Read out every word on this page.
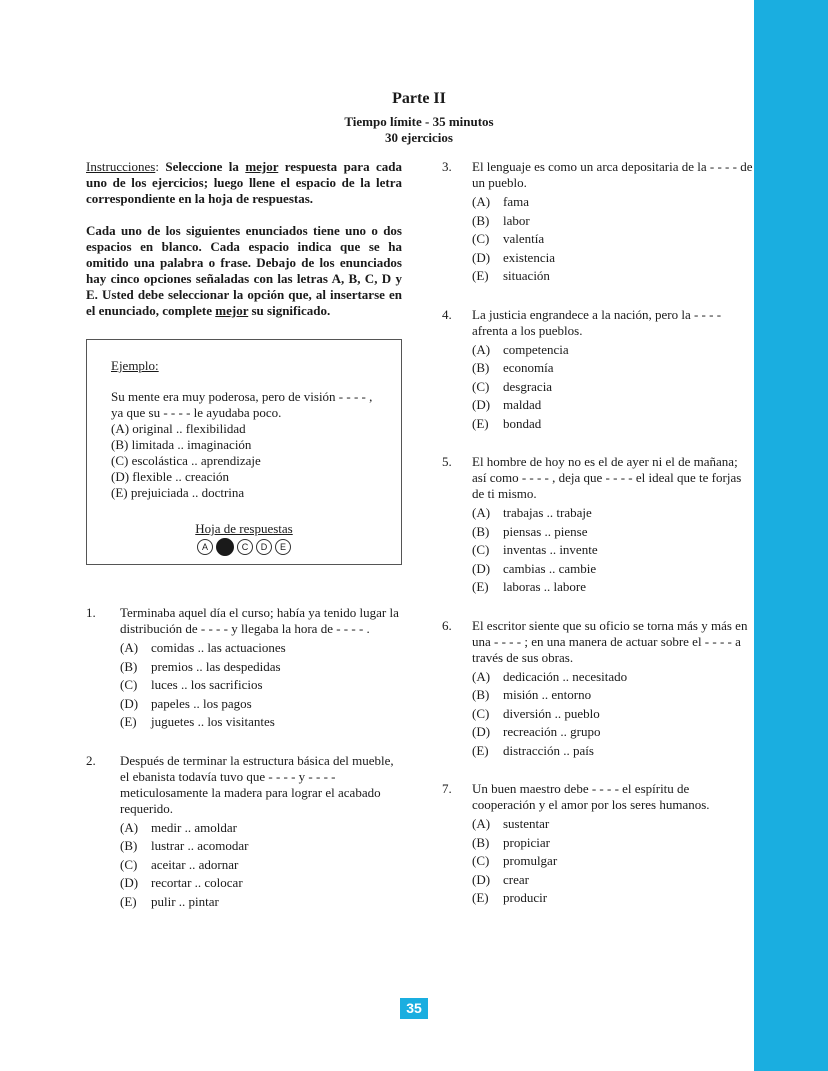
Parte II
Tiempo límite - 35 minutos
30 ejercicios

Instrucciones: Seleccione la mejor respuesta para cada uno de los ejercicios; luego llene el espacio de la letra correspondiente en la hoja de respuestas.

Cada uno de los siguientes enunciados tiene uno o dos espacios en blanco. Cada espacio indica que se ha omitido una palabra o frase. Debajo de los enunciados hay cinco opciones señaladas con las letras A, B, C, D y E. Usted debe seleccionar la opción que, al insertarse en el enunciado, complete mejor su significado.

Ejemplo:
Su mente era muy poderosa, pero de visión - - - - , ya que su - - - - le ayudaba poco.
(A) original .. flexibilidad
(B) limitada .. imaginación
(C) escolástica .. aprendizaje
(D) flexible .. creación
(E) prejuiciada .. doctrina
Hoja de respuestas
A	C	D	E
1. Terminaba aquel día el curso; había ya tenido lugar la distribución de - - - - y llegaba la hora de - - - - .
(A) comidas .. las actuaciones
(B)	premios .. las despedidas
(C)	luces .. los sacrificios
(D) papeles .. los pagos
(E)	juguetes .. los visitantes
2. Después de terminar la estructura básica del mueble, el ebanista todavía tuvo que - - - - y - - - - meticulosamente la madera para lograr el acabado requerido.
(A) medir .. amoldar
(B)	lustrar .. acomodar
(C)	aceitar .. adornar
(D) recortar .. colocar
(E)	pulir .. pintar
3. El lenguaje es como un arca depositaria de la - - - - de un pueblo.
(A) fama
(B)	labor
(C)	valentía
(D) existencia
(E)	situación
4. La justicia engrandece a la nación, pero la - - - - afrenta a los pueblos.
(A) competencia
(B)	economía
(C)	desgracia
(D) maldad
(E)	bondad
5. El hombre de hoy no es el de ayer ni el de mañana; así como - - - - , deja que - - - - el ideal que te forjas de ti mismo.
(A) trabajas .. trabaje
(B)	piensas .. piense
(C)	inventas .. invente
(D) cambias .. cambie
(E)	laboras .. labore
6. El escritor siente que su oficio se torna más y más en una - - - - ; en una manera de actuar sobre el - - - - a través de sus obras.
(A) dedicación .. necesitado
(B)	misión .. entorno
(C)	diversión .. pueblo
(D) recreación .. grupo
(E)	distracción .. país
7. Un buen maestro debe - - - - el espíritu de cooperación y el amor por los seres humanos.
(A) sustentar
(B)	propiciar
(C)	promulgar
(D) crear
(E)	producir
35
